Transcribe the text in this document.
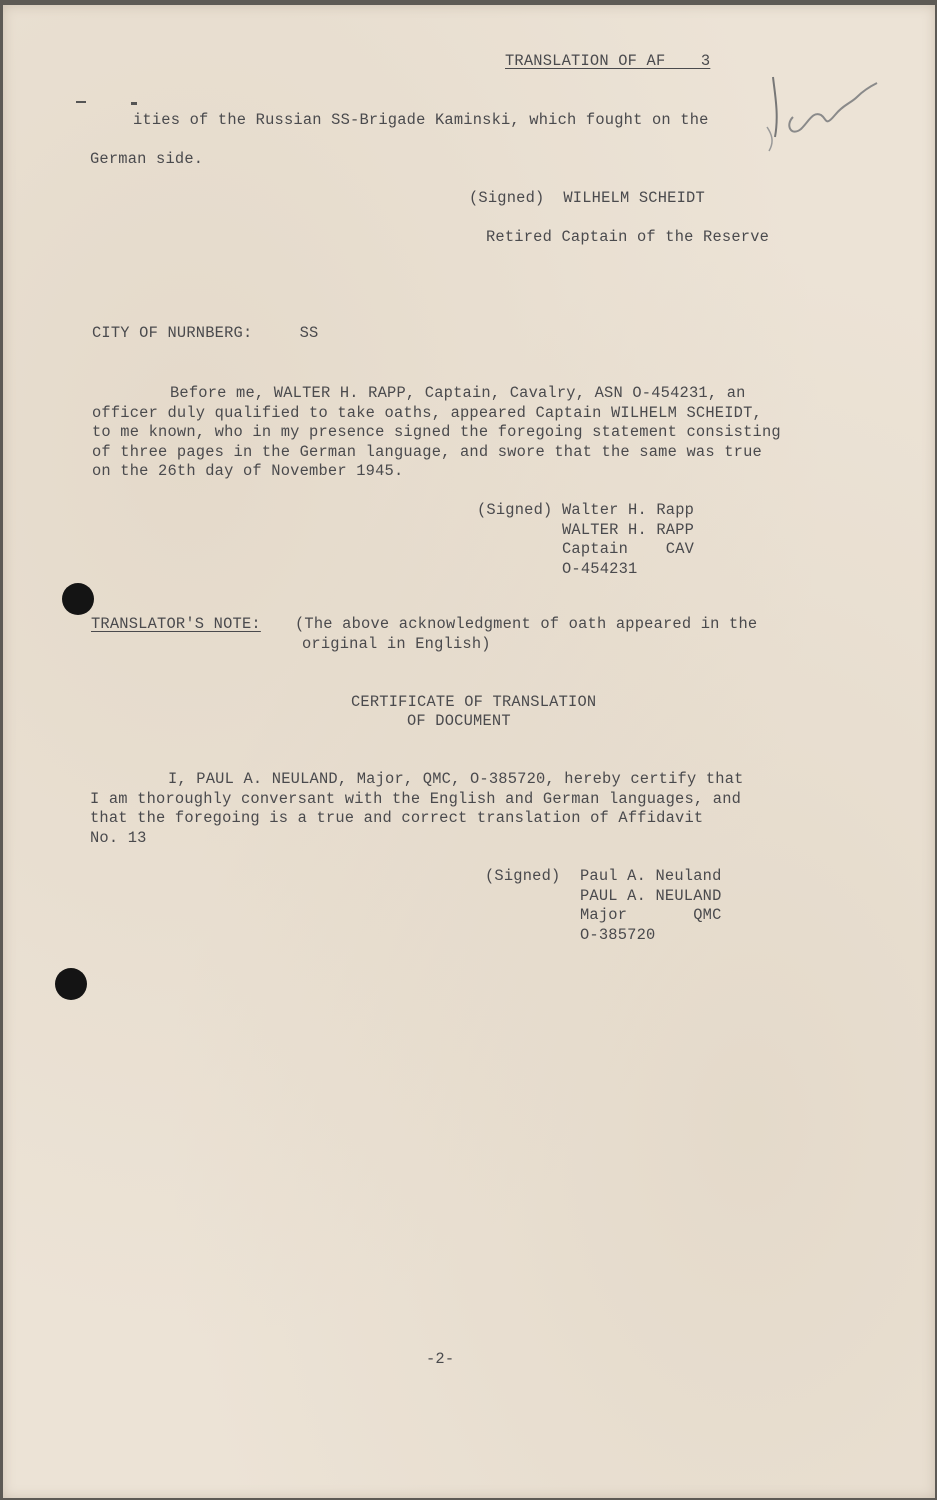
TRANSLATION OF AF        3
ities of the Russian SS-Brigade Kaminski, which fought on the
German side.
(Signed) WILHELM SCHEIDT
Retired Captain of the Reserve
CITY OF NURNBERG:	SS
Before me, WALTER H. RAPP, Captain, Cavalry, ASN O-454231, an
officer duly qualified to take oaths, appeared Captain WILHELM SCHEIDT,
to me known, who in my presence signed the foregoing statement consisting
of three pages in the German language, and swore that the same was true
on the 26th day of November 1945.
(Signed) Walter H. Rapp
WALTER H. RAPP
Captain    CAV
O-454231
TRANSLATOR'S NOTE: (The above acknowledgment of oath appeared in the
original in English)
CERTIFICATE OF TRANSLATION
OF DOCUMENT
I, PAUL A. NEULAND, Major, QMC, O-385720, hereby certify that
I am thoroughly conversant with the English and German languages, and
that the foregoing is a true and correct translation of Affidavit
No. 13
(Signed) Paul A. Neuland
PAUL A. NEULAND
Major       QMC
O-385720
-2-
